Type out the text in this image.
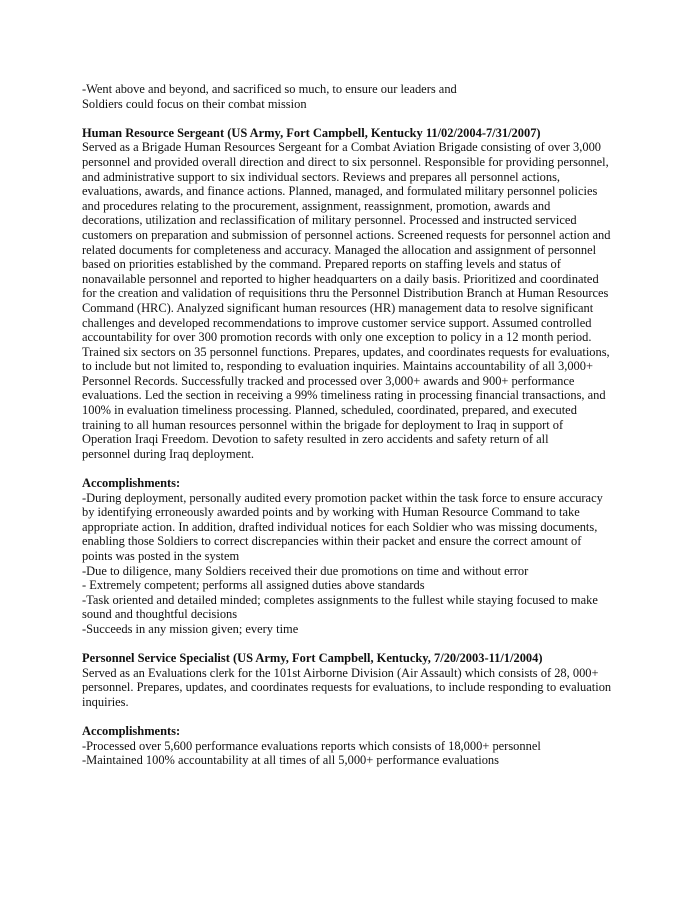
-Went above and beyond, and sacrificed so much, to ensure our leaders and
Soldiers could focus on their combat mission
Human Resource Sergeant (US Army, Fort Campbell, Kentucky 11/02/2004-7/31/2007)
Served as a Brigade Human Resources Sergeant for a Combat Aviation Brigade consisting of over 3,000
personnel and provided overall direction and direct to six personnel. Responsible for providing personnel,
and administrative support to six individual sectors. Reviews and prepares all personnel actions,
evaluations, awards, and finance actions. Planned, managed, and formulated military personnel policies
and procedures relating to the procurement, assignment, reassignment, promotion, awards and
decorations, utilization and reclassification of military personnel. Processed and instructed serviced
customers on preparation and submission of personnel actions. Screened requests for personnel action and
related documents for completeness and accuracy. Managed the allocation and assignment of personnel
based on priorities established by the command. Prepared reports on staffing levels and status of
nonavailable personnel and reported to higher headquarters on a daily basis. Prioritized and coordinated
for the creation and validation of requisitions thru the Personnel Distribution Branch at Human Resources
Command (HRC). Analyzed significant human resources (HR) management data to resolve significant
challenges and developed recommendations to improve customer service support. Assumed controlled
accountability for over 300 promotion records with only one exception to policy in a 12 month period.
Trained six sectors on 35 personnel functions. Prepares, updates, and coordinates requests for evaluations,
to include but not limited to, responding to evaluation inquiries. Maintains accountability of all 3,000+
Personnel Records. Successfully tracked and processed over 3,000+ awards and 900+ performance
evaluations. Led the section in receiving a 99% timeliness rating in processing financial transactions, and
100% in evaluation timeliness processing. Planned, scheduled, coordinated, prepared, and executed
training to all human resources personnel within the brigade for deployment to Iraq in support of
Operation Iraqi Freedom. Devotion to safety resulted in zero accidents and safety return of all
personnel during Iraq deployment.
Accomplishments:
-During deployment, personally audited every promotion packet within the task force to ensure accuracy
by identifying erroneously awarded points and by working with Human Resource Command to take
appropriate action. In addition, drafted individual notices for each Soldier who was missing documents,
enabling those Soldiers to correct discrepancies within their packet and ensure the correct amount of
points was posted in the system
-Due to diligence, many Soldiers received their due promotions on time and without error
- Extremely competent; performs all assigned duties above standards
-Task oriented and detailed minded; completes assignments to the fullest while staying focused to make
sound and thoughtful decisions
-Succeeds in any mission given; every time
Personnel Service Specialist (US Army, Fort Campbell, Kentucky, 7/20/2003-11/1/2004)
Served as an Evaluations clerk for the 101st Airborne Division (Air Assault) which consists of 28, 000+
personnel. Prepares, updates, and coordinates requests for evaluations, to include responding to evaluation
inquiries.
Accomplishments:
-Processed over 5,600 performance evaluations reports which consists of 18,000+ personnel
-Maintained 100% accountability at all times of all 5,000+ performance evaluations
